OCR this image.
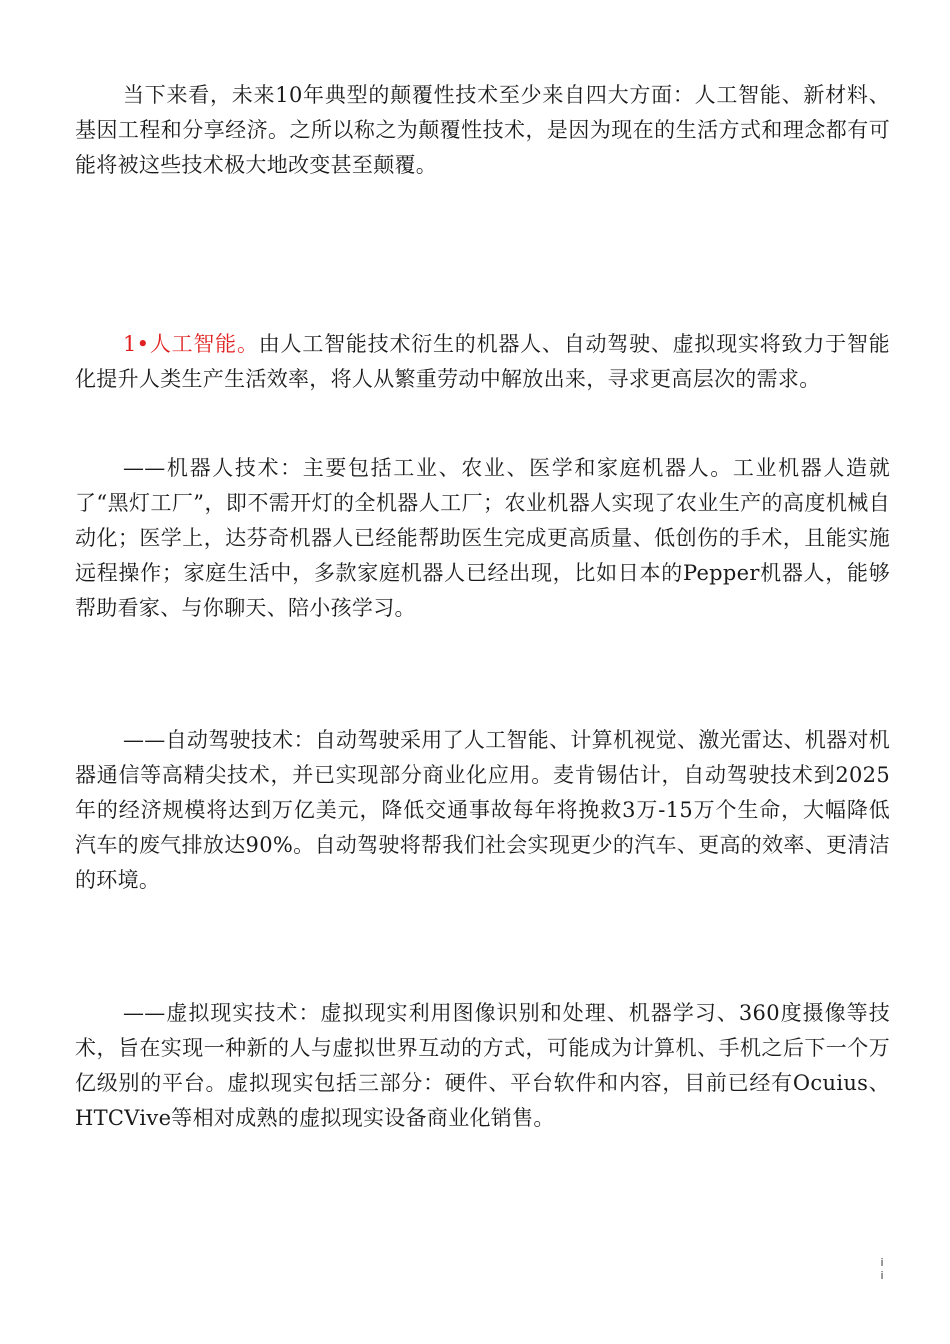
当下来看，未来10年典型的颠覆性技术至少来自四大方面：人工智能、新材料、基因工程和分享经济。之所以称之为颠覆性技术，是因为现在的生活方式和理念都有可能将被这些技术极大地改变甚至颠覆。

1•人工智能。由人工智能技术衍生的机器人、自动驾驶、虚拟现实将致力于智能化提升人类生产生活效率，将人从繁重劳动中解放出来，寻求更高层次的需求。

——机器人技术：主要包括工业、农业、医学和家庭机器人。工业机器人造就了“黑灯工厂”，即不需开灯的全机器人工厂；农业机器人实现了农业生产的高度机械自动化；医学上，达芬奇机器人已经能帮助医生完成更高质量、低创伤的手术，且能实施远程操作；家庭生活中，多款家庭机器人已经出现，比如日本的Pepper机器人，能够帮助看家、与你聊天、陪小孩学习。

——自动驾驶技术：自动驾驶采用了人工智能、计算机视觉、激光雷达、机器对机器通信等高精尖技术，并已实现部分商业化应用。麦肯锡估计，自动驾驶技术到2025年的经济规模将达到万亿美元，降低交通事故每年将挽救3万-15万个生命，大幅降低汽车的废气排放达90%。自动驾驶将帮我们社会实现更少的汽车、更高的效率、更清洁的环境。

——虚拟现实技术：虚拟现实利用图像识别和处理、机器学习、360度摄像等技术，旨在实现一种新的人与虚拟世界互动的方式，可能成为计算机、手机之后下一个万亿级别的平台。虚拟现实包括三部分：硬件、平台软件和内容，目前已经有Ocuius、HTCVive等相对成熟的虚拟现实设备商业化销售。

i
i
